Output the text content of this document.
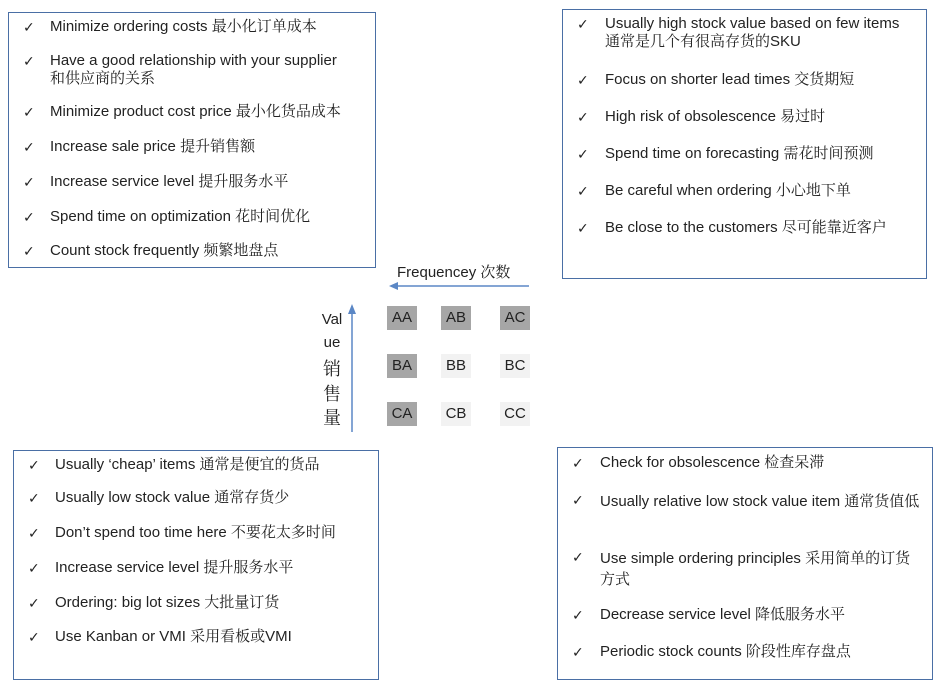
✓	Minimize ordering costs 最小化订单成本
✓	Have a good relationship with your supplier 和供应商的关系
✓	Minimize product cost price 最小化货品成本
✓	Increase sale price 提升销售额
✓	Increase service level 提升服务水平
✓	Spend time on optimization 花时间优化
✓	Count stock frequently 频繁地盘点
✓	Usually high stock value based on few items 通常是几个有很高存货的SKU
✓	Focus on shorter lead times 交货期短
✓	High risk of obsolescence 易过时
✓	Spend time on forecasting 需花时间预测
✓	Be careful when ordering 小心地下单
✓	Be close to the customers 尽可能靠近客户
✓	Usually ‘cheap’ items 通常是便宜的货品
✓	Usually low stock value 通常存货少
✓	Don’t spend too time here 不要花太多时间
✓	Increase service level 提升服务水平
✓	Ordering: big lot sizes 大批量订货
✓	Use Kanban or VMI 采用看板或VMI
✓	Check for obsolescence 检查呆滞
✓	Usually relative low stock value item 通常货值低
✓	Use simple ordering principles 采用简单的订货方式
✓	Decrease service level 降低服务水平
✓	Periodic stock counts 阶段性库存盘点
Frequencey 次数
Val
ue
销
售
量
AA	AB	AC
BA	BB	BC
CA	CB	CC
